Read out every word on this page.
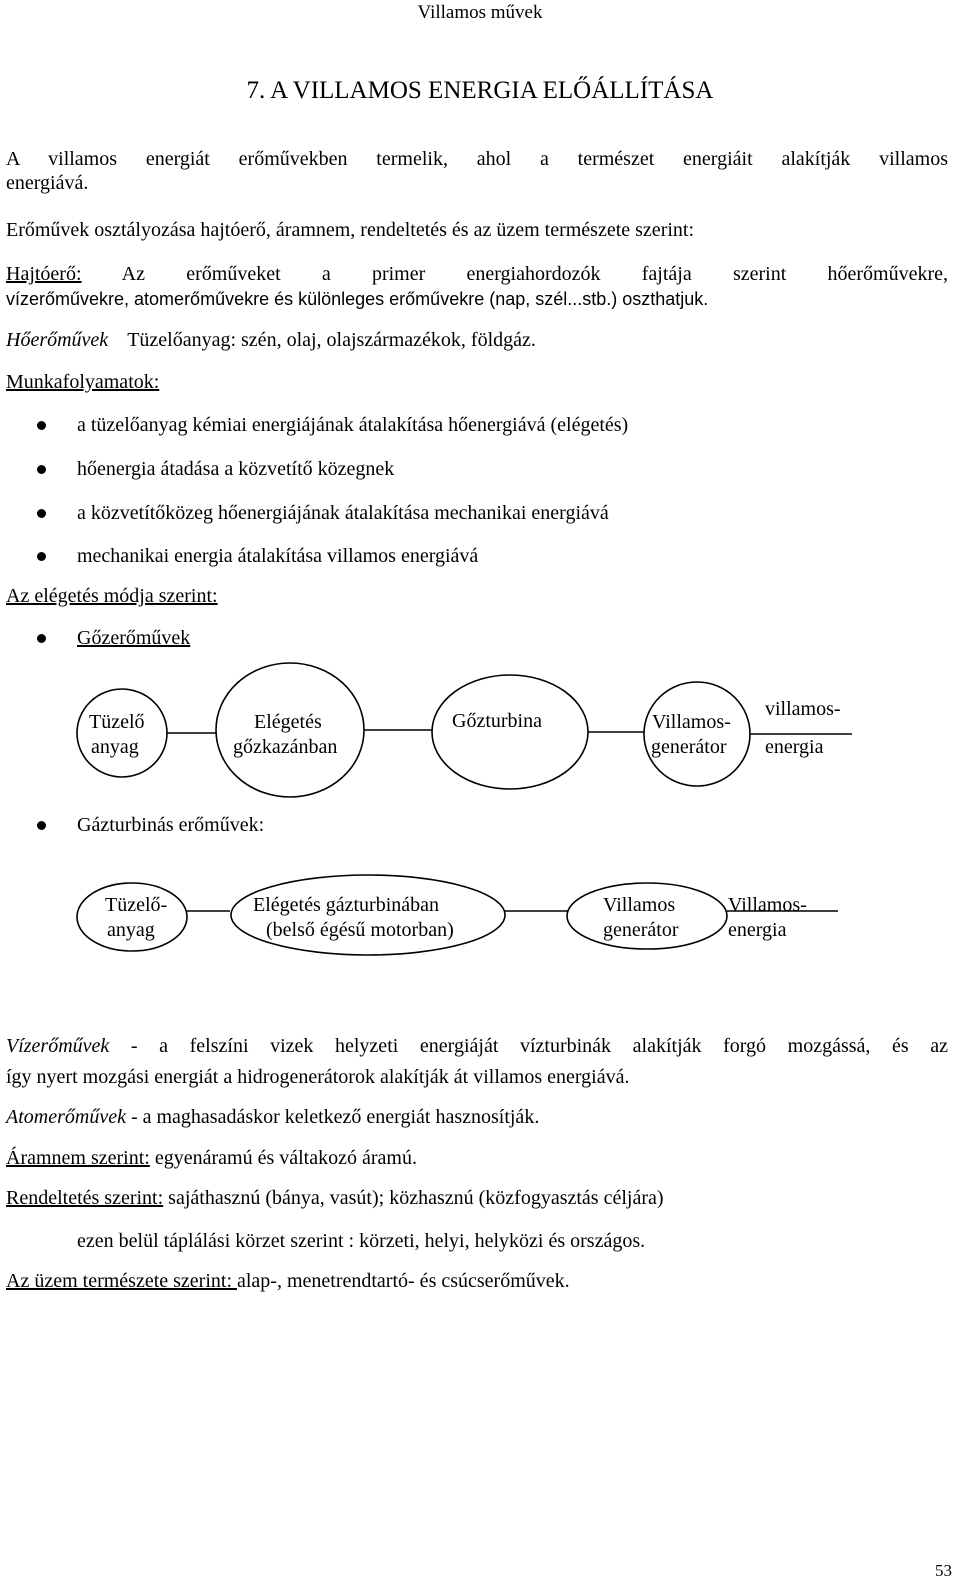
Villamos művek
7. A VILLAMOS ENERGIA ELŐÁLLÍTÁSA
A villamos energiát erőművekben termelik, ahol a természet energiáit alakítják villamos
energiává.
Erőművek osztályozása hajtóerő, áramnem, rendeltetés és az üzem természete szerint:
Hajtóerő: Az erőműveket a primer energiahordozók fajtája szerint hőerőművekre,
vízerőművekre, atomerőművekre és különleges erőművekre (nap, szél...stb.) oszthatjuk.
Hőerőművek Tüzelőanyag: szén, olaj, olajszármazékok, földgáz.
Munkafolyamatok:
a tüzelőanyag kémiai energiájának átalakítása hőenergiává (elégetés)
hőenergia átadása a közvetítő közegnek
a közvetítőközeg hőenergiájának átalakítása mechanikai energiává
mechanikai energia átalakítása villamos energiává
Az elégetés módja szerint:
Gőzerőművek
Tüzelő
anyag
Elégetés
gőzkazánban
Gőzturbina	Villamos-
generátor
villamos-
energia
Gázturbinás erőművek:
Tüzelő-
anyag
Elégetés gázturbinában
(belső égésű motorban)
Villamos
generátor
Villamos-
energia
Vízerőművek - a felszíni vizek helyzeti energiáját vízturbinák alakítják forgó mozgássá, és az
így nyert mozgási energiát a hidrogenerátorok alakítják át villamos energiává.
Atomerőművek - a maghasadáskor keletkező energiát hasznosítják.
Áramnem szerint: egyenáramú és váltakozó áramú.
Rendeltetés szerint: sajáthasznú (bánya, vasút); közhasznú (közfogyasztás céljára)
ezen belül táplálási körzet szerint : körzeti, helyi, helyközi és országos.
Az üzem természete szerint: alap-, menetrendtartó- és csúcserőművek.
53
